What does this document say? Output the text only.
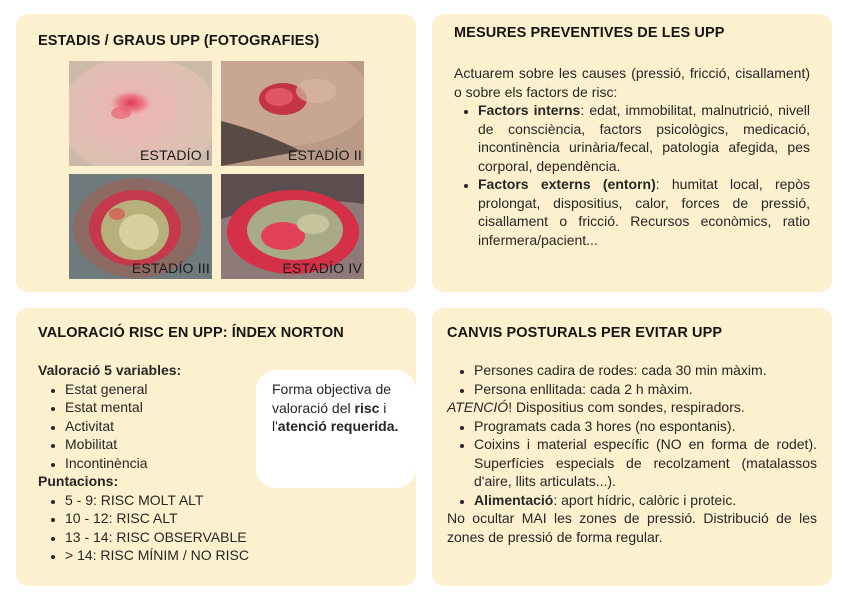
ESTADIS / GRAUS UPP (FOTOGRAFIES)
ESTADÍO I	ESTADÍO II
ESTADÍO III	ESTADÍO IV
MESURES PREVENTIVES DE LES UPP
Actuarem sobre les causes (pressió, fricció, cisallament) o sobre els factors de risc:
• Factors interns: edat, immobilitat, malnutrició, nivell de consciència, factors psicològics, medicació, incontinència urinària/fecal, patologia afegida, pes corporal, dependència.
• Factors externs (entorn): humitat local, repòs prolongat, dispositius, calor, forces de pressió, cisallament o fricció. Recursos econòmics, ratio infermera/pacient...
VALORACIÓ RISC EN UPP: ÍNDEX NORTON
Valoració 5 variables:
• Estat general
• Estat mental
• Activitat
• Mobilitat
• Incontinència
Puntacions:
• 5 - 9: RISC MOLT ALT
• 10 - 12: RISC ALT
• 13 - 14: RISC OBSERVABLE
• > 14: RISC MÍNIM / NO RISC
Forma objectiva de valoració del risc i l'atenció requerida.
CANVIS POSTURALS PER EVITAR UPP
• Persones cadira de rodes: cada 30 min màxim.
• Persona enllitada: cada 2 h màxim.
ATENCIÓ! Dispositius com sondes, respiradors.
• Programats cada 3 hores (no espontanis).
• Coixins i material específic (NO en forma de rodet). Superfícies especials de recolzament (matalassos d'aire, llits articulats...).
• Alimentació: aport hídric, calòric i proteic.
No ocultar MAI les zones de pressió. Distribució de les zones de pressió de forma regular.
